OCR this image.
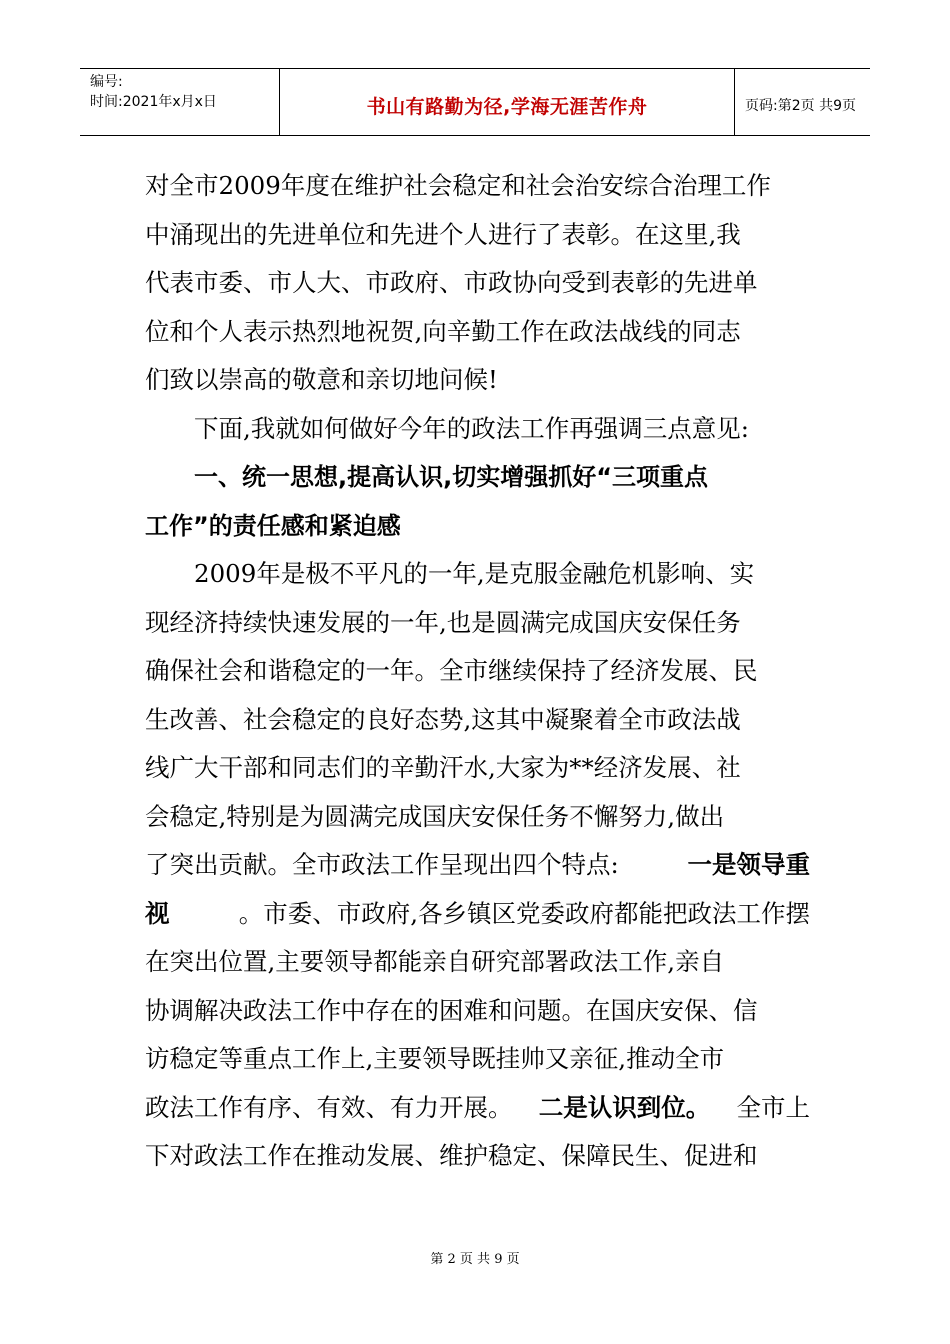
编号:
时间:2021年x月x日	书山有路勤为径,学海无涯苦作舟	页码:第2页 共9页
对全市2009年度在维护社会稳定和社会治安综合治理工作
中涌现出的先进单位和先进个人进行了表彰。在这里,我
代表市委、市人大、市政府、市政协向受到表彰的先进单
位和个人表示热烈地祝贺,向辛勤工作在政法战线的同志
们致以崇高的敬意和亲切地问候!
下面,我就如何做好今年的政法工作再强调三点意见:
一、统一思想,提高认识,切实增强抓好“三项重点
工作”的责任感和紧迫感
2009年是极不平凡的一年,是克服金融危机影响、实
现经济持续快速发展的一年,也是圆满完成国庆安保任务
确保社会和谐稳定的一年。全市继续保持了经济发展、民
生改善、社会稳定的良好态势,这其中凝聚着全市政法战
线广大干部和同志们的辛勤汗水,大家为**经济发展、社
会稳定,特别是为圆满完成国庆安保任务不懈努力,做出
了突出贡献。全市政法工作呈现出四个特点:	一是领导重
视	。市委、市政府,各乡镇区党委政府都能把政法工作摆
在突出位置,主要领导都能亲自研究部署政法工作,亲自
协调解决政法工作中存在的困难和问题。在国庆安保、信
访稳定等重点工作上,主要领导既挂帅又亲征,推动全市
政法工作有序、有效、有力开展。 二是认识到位。 全市上
下对政法工作在推动发展、维护稳定、保障民生、促进和
第 2 页 共 9 页
